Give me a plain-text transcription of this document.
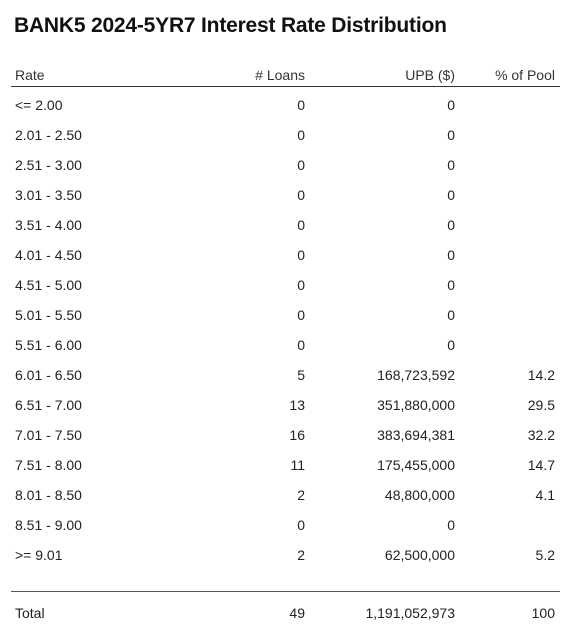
BANK5 2024-5YR7 Interest Rate Distribution
Rate	# Loans	UPB ($)	% of Pool
<= 2.00	0	0
2.01 - 2.50	0	0
2.51 - 3.00	0	0
3.01 - 3.50	0	0
3.51 - 4.00	0	0
4.01 - 4.50	0	0
4.51 - 5.00	0	0
5.01 - 5.50	0	0
5.51 - 6.00	0	0
6.01 - 6.50	5	168,723,592	14.2
6.51 - 7.00	13	351,880,000	29.5
7.01 - 7.50	16	383,694,381	32.2
7.51 - 8.00	11	175,455,000	14.7
8.01 - 8.50	2	48,800,000	4.1
8.51 - 9.00	0	0
>= 9.01	2	62,500,000	5.2
Total	49	1,191,052,973	100
